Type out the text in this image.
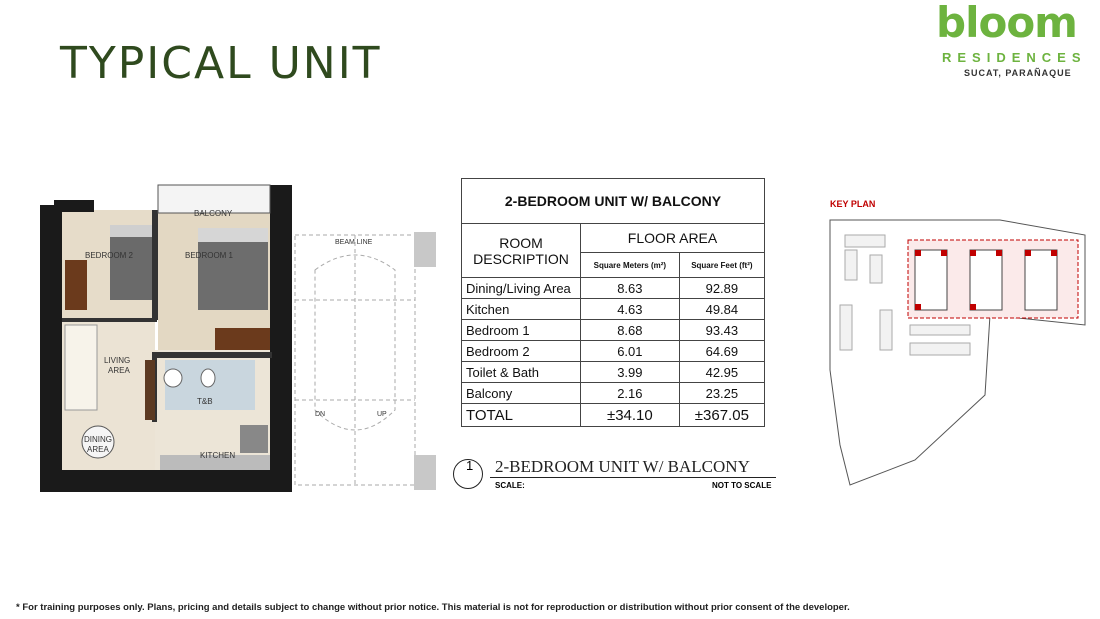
TYPICAL UNIT
bloom
RESIDENCES
SUCAT, PARAÑAQUE
BALCONY
BEDROOM 2	BEDROOM 1
LIVING
AREA
T&B
DINING
AREA
KITCHEN
BEAM LINE
DN	UP
2-BEDROOM UNIT W/ BALCONY		
ROOM
DESCRIPTION	FLOOR AREA	
	Square Meters (m²)	Square Feet (ft²)
Dining/Living Area	8.63	92.89
Kitchen	4.63	49.84
Bedroom 1	8.68	93.43
Bedroom 2	6.01	64.69
Toilet & Bath	3.99	42.95
Balcony	2.16	23.25
TOTAL	±34.10	±367.05
1 2-BEDROOM UNIT W/ BALCONY
SCALE:	NOT TO SCALE
KEY PLAN
* For training purposes only. Plans, pricing and details subject to change without prior notice. This material is not for reproduction or distribution without prior consent of the developer.
